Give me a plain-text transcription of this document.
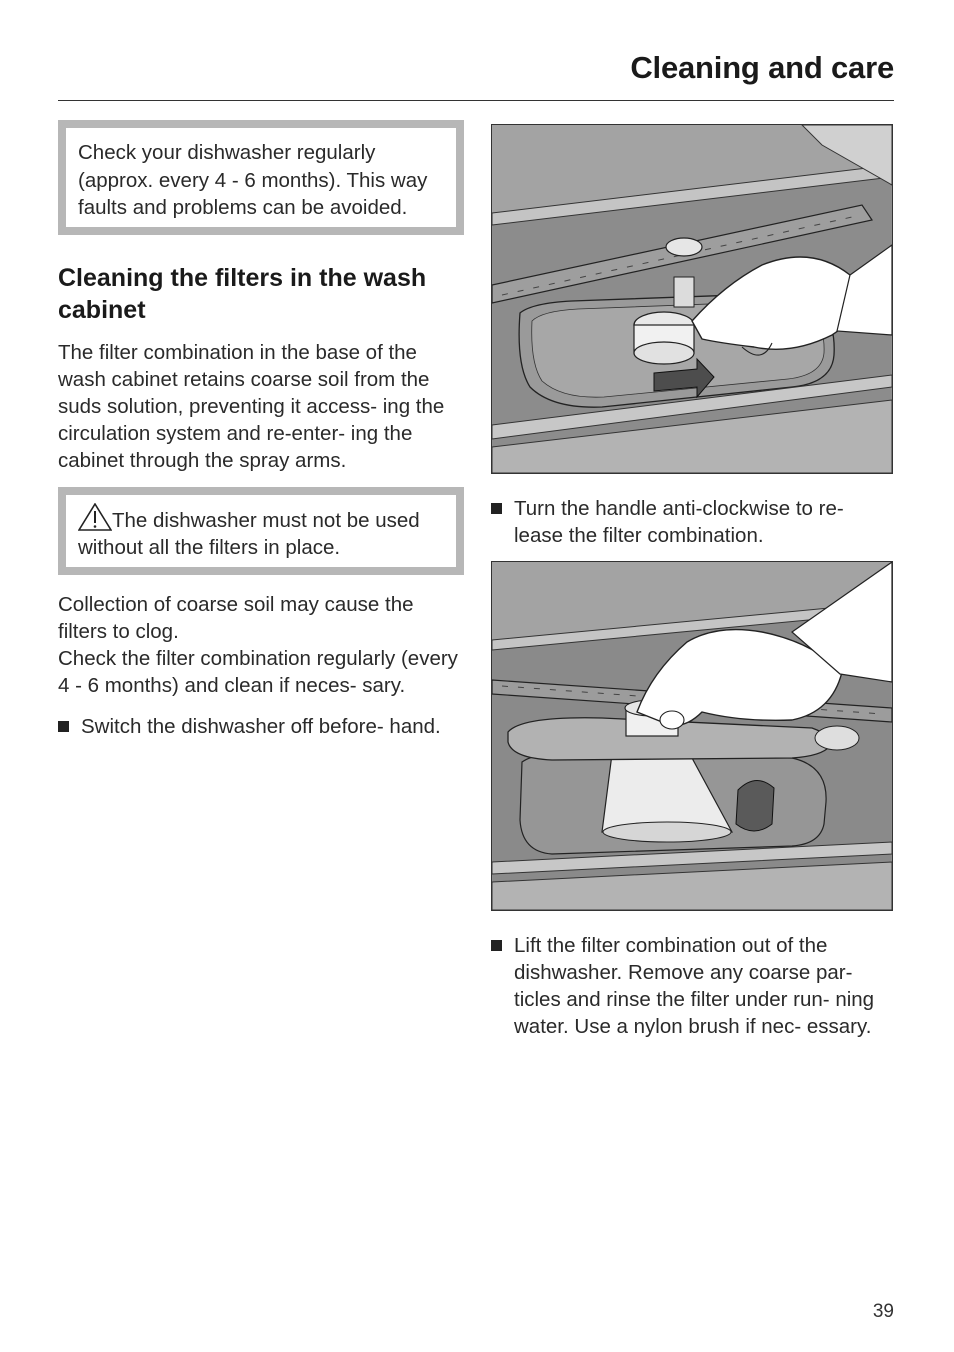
Cleaning and care
Check your dishwasher regularly (approx. every 4 - 6 months). This way faults and problems can be avoided.
Cleaning the filters in the wash cabinet

The filter combination in the base of the wash cabinet retains coarse soil from the suds solution, preventing it access- ing the circulation system and re-enter- ing the cabinet through the spray arms.

The dishwasher must not be used without all the filters in place.
Collection of coarse soil may cause the filters to clog.
Check the filter combination regularly (every 4 - 6 months) and clean if neces- sary.
Switch the dishwasher off before- hand.
Turn the handle anti-clockwise to re- lease the filter combination.
Lift the filter combination out of the dishwasher. Remove any coarse par- ticles and rinse the filter under run- ning water. Use a nylon brush if nec- essary.
39
